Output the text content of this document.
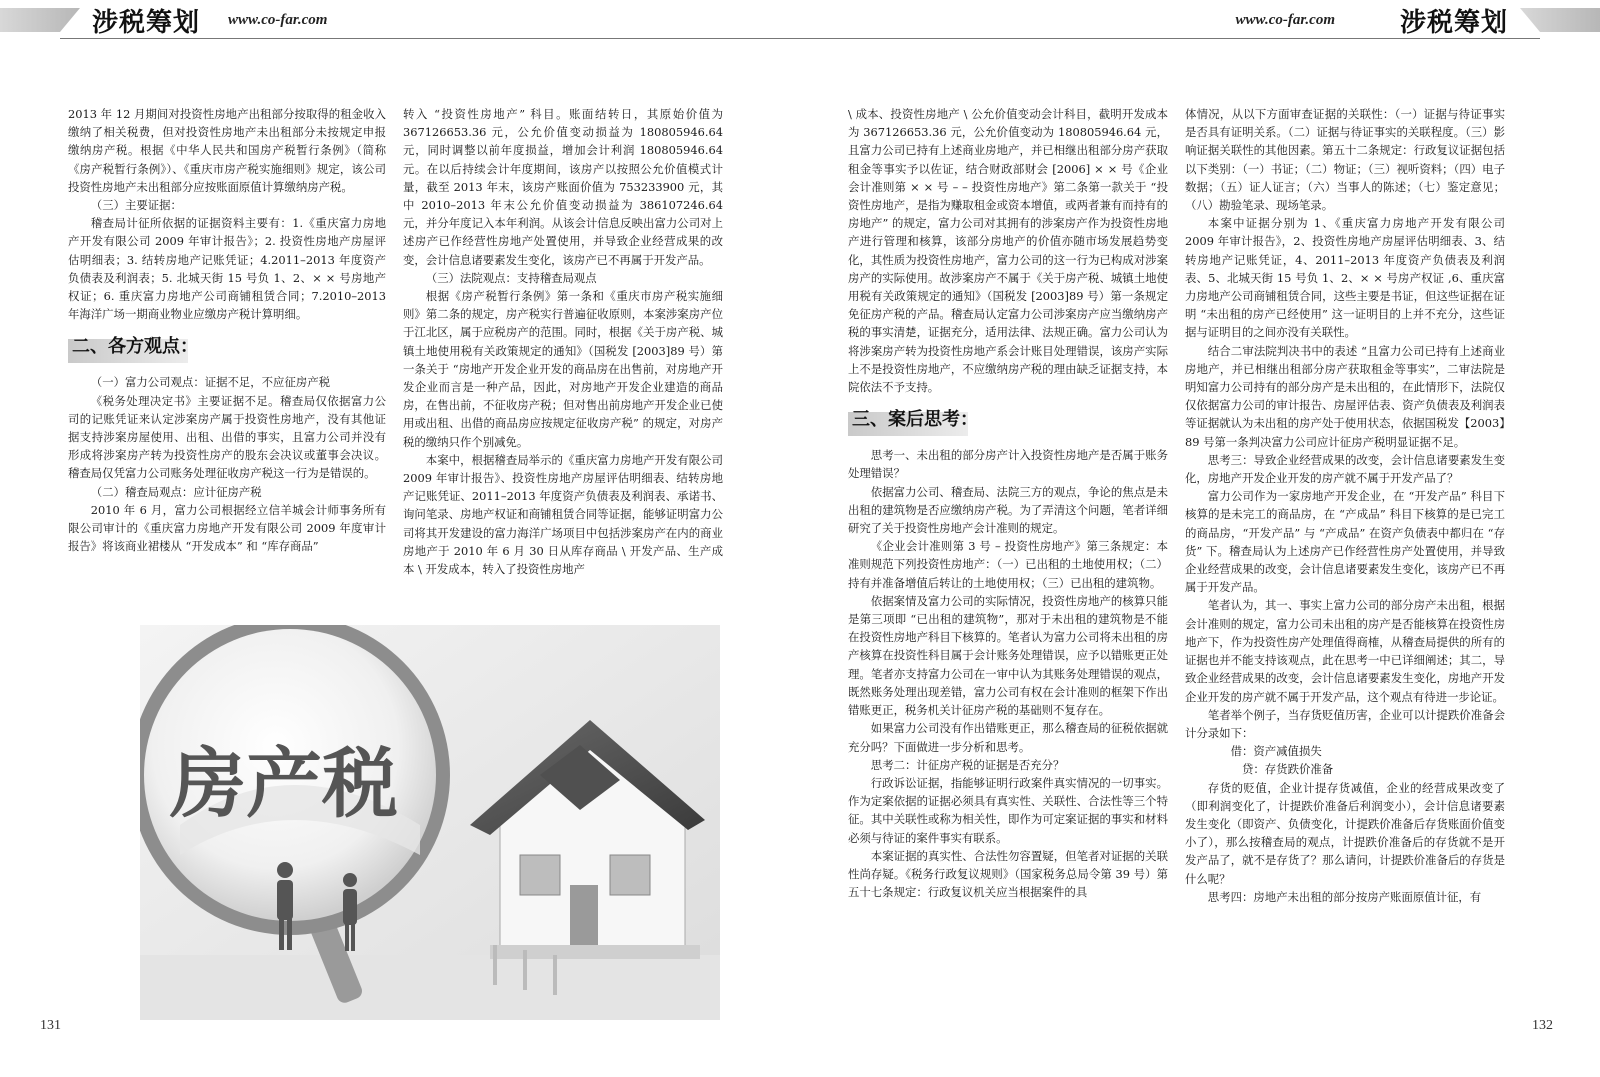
涉税筹划 www.co-far.com	www.co-far.com 涉税筹划

2013 年 12 月期间对投资性房地产出租部分按取得的租金收入缴纳了相关税费，但对投资性房地产未出租部分未按规定申报缴纳房产税。根据《中华人民共和国房产税暂行条例》（简称《房产税暂行条例》）、《重庆市房产税实施细则》规定，该公司投资性房地产未出租部分应按账面原值计算缴纳房产税。

（三）主要证据：

稽查局计征所依据的证据资料主要有：1.《重庆富力房地产开发有限公司 2009 年审计报告》；2. 投资性房地产房屋评估明细表；3. 结转房地产记账凭证；4.2011–2013 年度资产负债表及利润表；5. 北城天街 15 号负 1、2、× × 号房地产权证；6. 重庆富力房地产公司商铺租赁合同；7.2010–2013 年海洋广场一期商业物业应缴房产税计算明细。

二、各方观点：

（一）富力公司观点：证据不足，不应征房产税

《税务处理决定书》主要证据不足。稽查局仅依据富力公司的记账凭证来认定涉案房产属于投资性房地产，没有其他证据支持涉案房屋使用、出租、出借的事实，且富力公司并没有形成将涉案房产转为投资性房产的股东会决议或董事会决议。稽查局仅凭富力公司账务处理征收房产税这一行为是错误的。

（二）稽查局观点：应计征房产税

2010 年 6 月，富力公司根据经立信羊城会计师事务所有限公司审计的《重庆富力房地产开发有限公司 2009 年度审计报告》将该商业裙楼从 “开发成本” 和 “库存商品”

转入 “投资性房地产” 科目。账面结转日，其原始价值为 367126653.36 元，公允价值变动损益为 180805946.64 元，同时调整以前年度损益，增加会计利润 180805946.64 元。在以后持续会计年度期间，该房产以按照公允价值模式计量，截至 2013 年末，该房产账面价值为 753233900 元，其中 2010–2013 年末公允价值变动损益为 386107246.64 元，并分年度记入本年利润。从该会计信息反映出富力公司对上述房产已作经营性房地产处置使用，并导致企业经营成果的改变，会计信息诸要素发生变化，该房产已不再属于开发产品。

（三）法院观点：支持稽查局观点

根据《房产税暂行条例》第一条和《重庆市房产税实施细则》第二条的规定，房产税实行普遍征收原则，本案涉案房产位于江北区，属于应税房产的范围。同时，根据《关于房产税、城镇土地使用税有关政策规定的通知》（国税发 [2003]89 号）第一条关于 “房地产开发企业开发的商品房在出售前，对房地产开发企业而言是一种产品，因此，对房地产开发企业建造的商品房，在售出前，不征收房产税；但对售出前房地产开发企业已使用或出租、出借的商品房应按规定征收房产税” 的规定，对房产税的缴纳只作个别减免。

本案中，根据稽查局举示的《重庆富力房地产开发有限公司 2009 年审计报告》、投资性房地产房屋评估明细表、结转房地产记账凭证、2011–2013 年度资产负债表及利润表、承诺书、询问笔录、房地产权证和商铺租赁合同等证据，能够证明富力公司将其开发建设的富力海洋广场项目中包括涉案房产在内的商业房地产于 2010 年 6 月 30 日从库存商品 \ 开发产品、生产成本 \ 开发成本，转入了投资性房地产

房产税

\ 成本、投资性房地产 \ 公允价值变动会计科目，截明开发成本为 367126653.36 元，公允价值变动为 180805946.64 元，且富力公司已持有上述商业房地产，并已相继出租部分房产获取租金等事实予以佐证，结合财政部财会 [2006] × × 号《企业会计准则第 × × 号 – – 投资性房地产》第二条第一款关于 “投资性房地产，是指为赚取租金或资本增值，或两者兼有而持有的房地产” 的规定，富力公司对其拥有的涉案房产作为投资性房地产进行管理和核算，该部分房地产的价值亦随市场发展趋势变化，其性质为投资性房地产，富力公司的这一行为已构成对涉案房产的实际使用。故涉案房产不属于《关于房产税、城镇土地使用税有关政策规定的通知》（国税发 [2003]89 号）第一条规定免征房产税的产品。稽查局认定富力公司涉案房产应当缴纳房产税的事实清楚，证据充分，适用法律、法规正确。富力公司认为将涉案房产转为投资性房地产系会计账目处理错误，该房产实际上不是投资性房地产，不应缴纳房产税的理由缺乏证据支持，本院依法不予支持。

三、案后思考：

思考一、未出租的部分房产计入投资性房地产是否属于账务处理错误？

依据富力公司、稽查局、法院三方的观点，争论的焦点是未出租的建筑物是否应缴纳房产税。为了弄清这个问题，笔者详细研究了关于投资性房地产会计准则的规定。

《企业会计准则第 3 号 – 投资性房地产》第三条规定：本准则规范下列投资性房地产：（一）已出租的土地使用权；（二）持有并准备增值后转让的土地使用权；（三）已出租的建筑物。

依据案情及富力公司的实际情况，投资性房地产的核算只能是第三项即 “已出租的建筑物”，那对于未出租的建筑物是不能在投资性房地产科目下核算的。笔者认为富力公司将未出租的房产核算在投资性科目属于会计账务处理错误，应予以错账更正处理。笔者亦支持富力公司在一审中认为其账务处理错误的观点，既然账务处理出现差错，富力公司有权在会计准则的框架下作出错账更正，税务机关计征房产税的基础则不复存在。

如果富力公司没有作出错账更正，那么稽查局的征税依据就充分吗？下面做进一步分析和思考。

思考二：计征房产税的证据是否充分？

行政诉讼证据，指能够证明行政案件真实情况的一切事实。作为定案依据的证据必须具有真实性、关联性、合法性等三个特征。其中关联性或称为相关性，即作为可定案证据的事实和材料必须与待证的案件事实有联系。

本案证据的真实性、合法性勿容置疑，但笔者对证据的关联性尚存疑。《税务行政复议规则》（国家税务总局令第 39 号）第五十七条规定：行政复议机关应当根据案件的具

体情况，从以下方面审查证据的关联性：（一）证据与待证事实是否具有证明关系。（二）证据与待证事实的关联程度。（三）影响证据关联性的其他因素。第五十二条规定：行政复议证据包括以下类别：（一）书证；（二）物证；（三）视听资料；（四）电子数据；（五）证人证言；（六）当事人的陈述；（七）鉴定意见；（八）勘验笔录、现场笔录。

本案中证据分别为 1、《重庆富力房地产开发有限公司 2009 年审计报告》，2、投资性房地产房屋评估明细表、3、结转房地产记账凭证，4、2011–2013 年度资产负债表及利润表、5、北城天街 15 号负 1、2、× × 号房产权证 ,6、重庆富力房地产公司商铺租赁合同，这些主要是书证，但这些证据在证明 “未出租的房产已经使用” 这一证明目的上并不充分，这些证据与证明目的之间亦没有关联性。

结合二审法院判决书中的表述 “且富力公司已持有上述商业房地产，并已相继出租部分房产获取租金等事实”，二审法院是明知富力公司持有的部分房产是未出租的，在此情形下，法院仅仅依据富力公司的审计报告、房屋评估表、资产负债表及利润表等证据就认为未出租的房产处于使用状态，依据国税发【2003】89 号第一条判决富力公司应计征房产税明显证据不足。

思考三：导致企业经营成果的改变，会计信息诸要素发生变化，房地产开发企业开发的房产就不属于开发产品了？

富力公司作为一家房地产开发企业，在 “开发产品” 科目下核算的是未完工的商品房，在 “产成品” 科目下核算的是已完工的商品房，“开发产品” 与 “产成品” 在资产负债表中都归在 “存货” 下。稽查局认为上述房产已作经营性房产处置使用，并导致企业经营成果的改变，会计信息诸要素发生变化，该房产已不再属于开发产品。

笔者认为，其一、事实上富力公司的部分房产未出租，根据会计准则的规定，富力公司未出租的房产是否能核算在投资性房地产下，作为投资性房产处理值得商榷，从稽查局提供的所有的证据也并不能支持该观点，此在思考一中已详细阐述；其二，导致企业经营成果的改变，会计信息诸要素发生变化，房地产开发企业开发的房产就不属于开发产品，这个观点有待进一步论证。

笔者举个例子，当存货贬值历害，企业可以计提跌价准备会计分录如下：

借：资产减值损失

贷：存货跌价准备

存货的贬值，企业计提存货减值，企业的经营成果改变了（即利润变化了，计提跌价准备后利润变小），会计信息诸要素发生变化（即资产、负债变化，计提跌价准备后存货账面价值变小了），那么按稽查局的观点，计提跌价准备后的存货就不是开发产品了，就不是存货了？那么请问，计提跌价准备后的存货是什么呢？

思考四：房地产未出租的部分按房产账面原值计征，有

131	132
